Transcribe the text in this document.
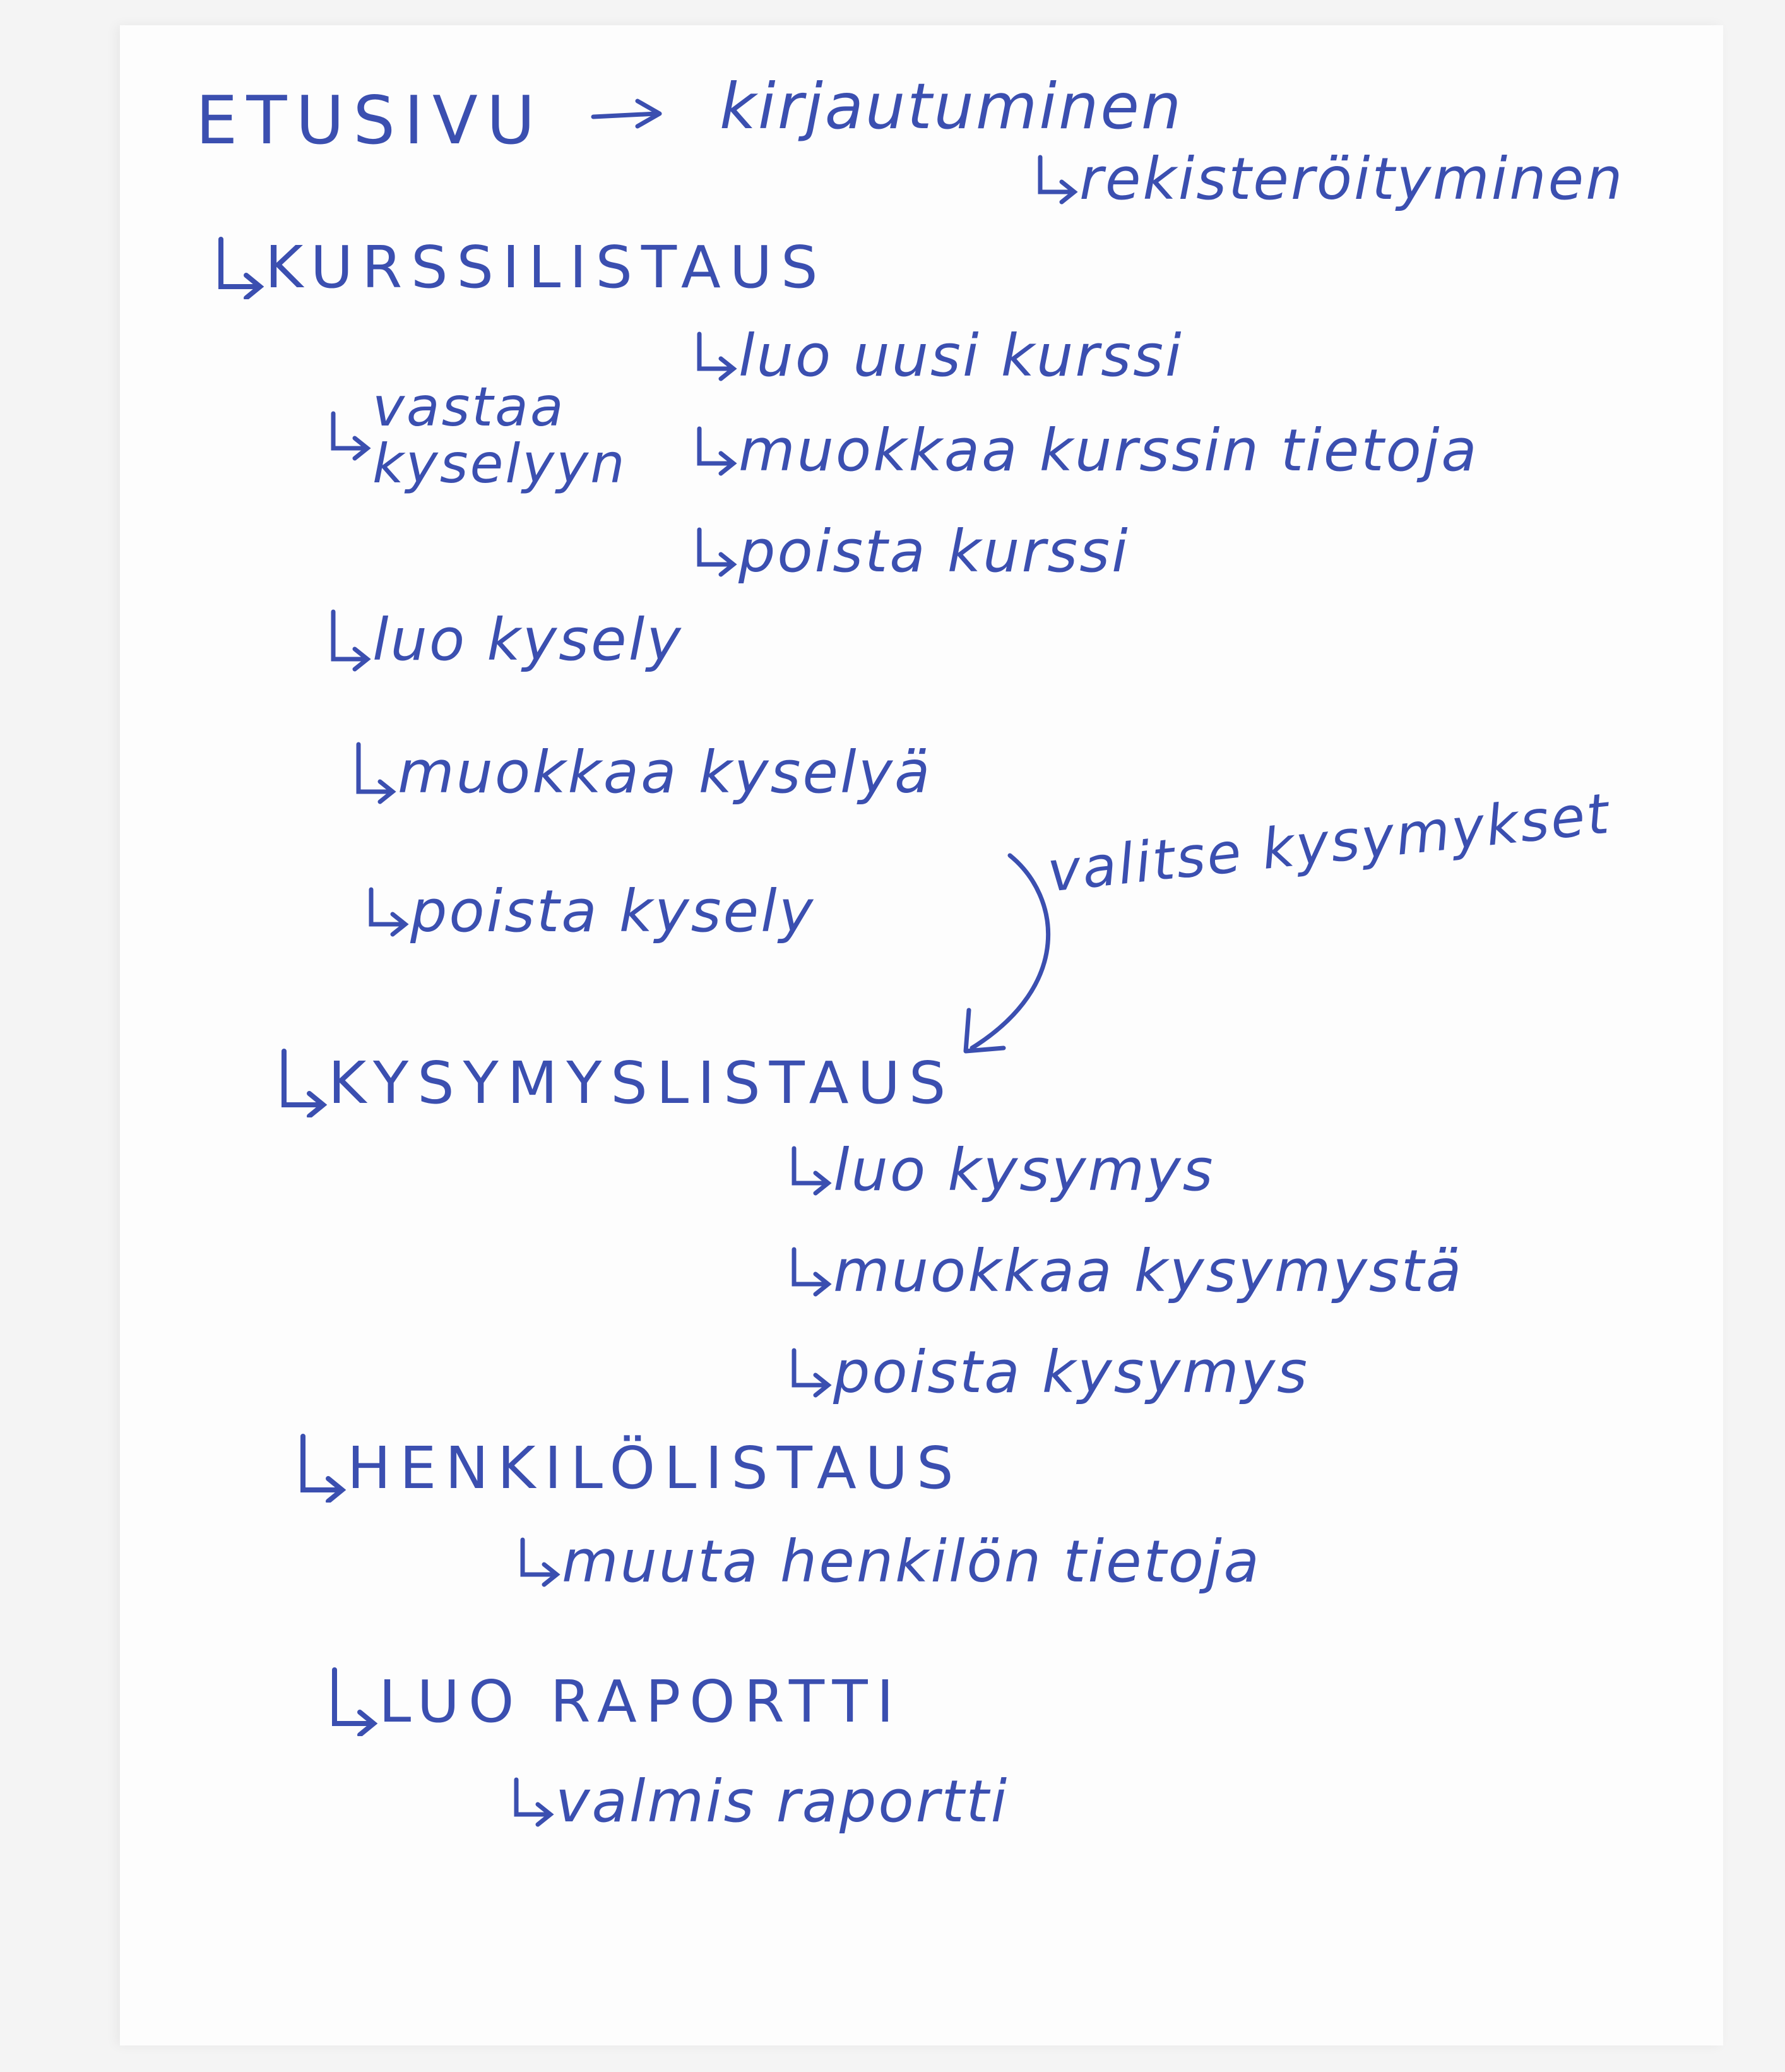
ETUSIVU	kirjautuminen
rekisteröityminen
KURSSILISTAUS
luo uusi kurssi
muokkaa kurssin tietoja
poista kurssi
vastaa kyselyyn
luo kysely
muokkaa kyselyä
poista kysely
valitse kysymykset
KYSYMYSLISTAUS
luo kysymys
muokkaa kysymystä
poista kysymys
HENKILÖLISTAUS
muuta henkilön tietoja
LUO RAPORTTI
valmis raportti
